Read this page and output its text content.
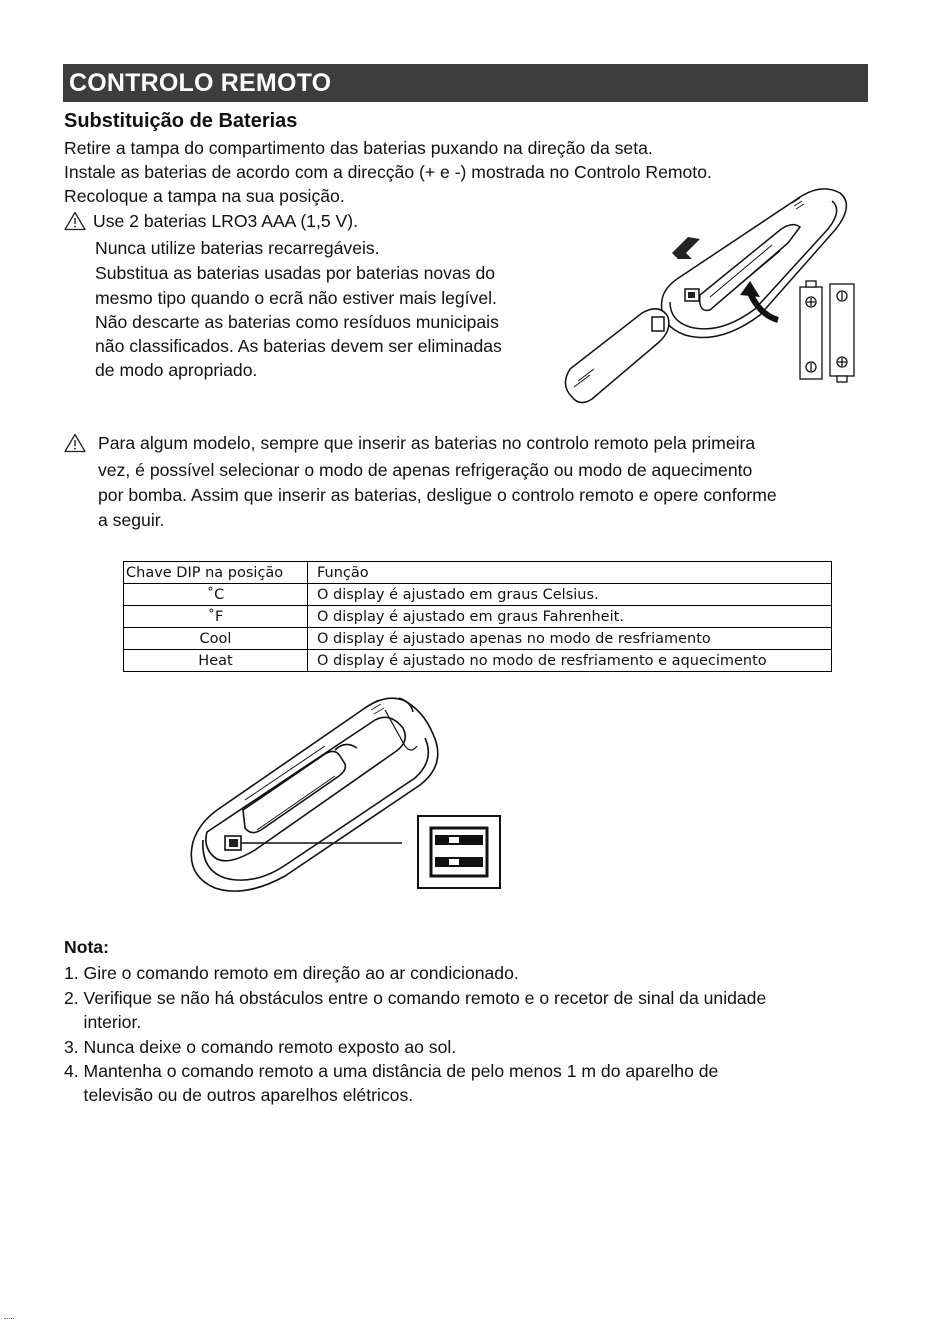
CONTROLO REMOTO
Substituição de Baterias
Retire a tampa do compartimento das baterias puxando na direção da seta.
Instale as baterias de acordo com a direcção (+ e -) mostrada no Controlo Remoto.
Recoloque a tampa na sua posição.
Use 2 baterias LRO3 AAA (1,5 V).
Nunca utilize baterias recarregáveis.
Substitua as baterias usadas por baterias novas do
mesmo tipo quando o ecrã não estiver mais legível.
Não descarte as baterias como resíduos municipais
não classificados. As baterias devem ser eliminadas
de modo apropriado.
Para algum modelo, sempre que inserir as baterias no controlo remoto pela primeira
vez, é possível selecionar o modo de apenas refrigeração ou modo de aquecimento
por bomba. Assim que inserir as baterias, desligue o controlo remoto e opere conforme
a seguir.
Chave DIP na posição	Função
˚C	O display é ajustado em graus Celsius.
˚F	O display é ajustado em graus Fahrenheit.
Cool	O display é ajustado apenas no modo de resfriamento
Heat	O display é ajustado no modo de resfriamento e aquecimento
Nota:
1. Gire o comando remoto em direção ao ar condicionado.
2. Verifique se não há obstáculos entre o comando remoto e o recetor de sinal da unidade
interior.
3. Nunca deixe o comando remoto exposto ao sol.
4. Mantenha o comando remoto a uma distância de pelo menos 1 m do aparelho de
televisão ou de outros aparelhos elétricos.
